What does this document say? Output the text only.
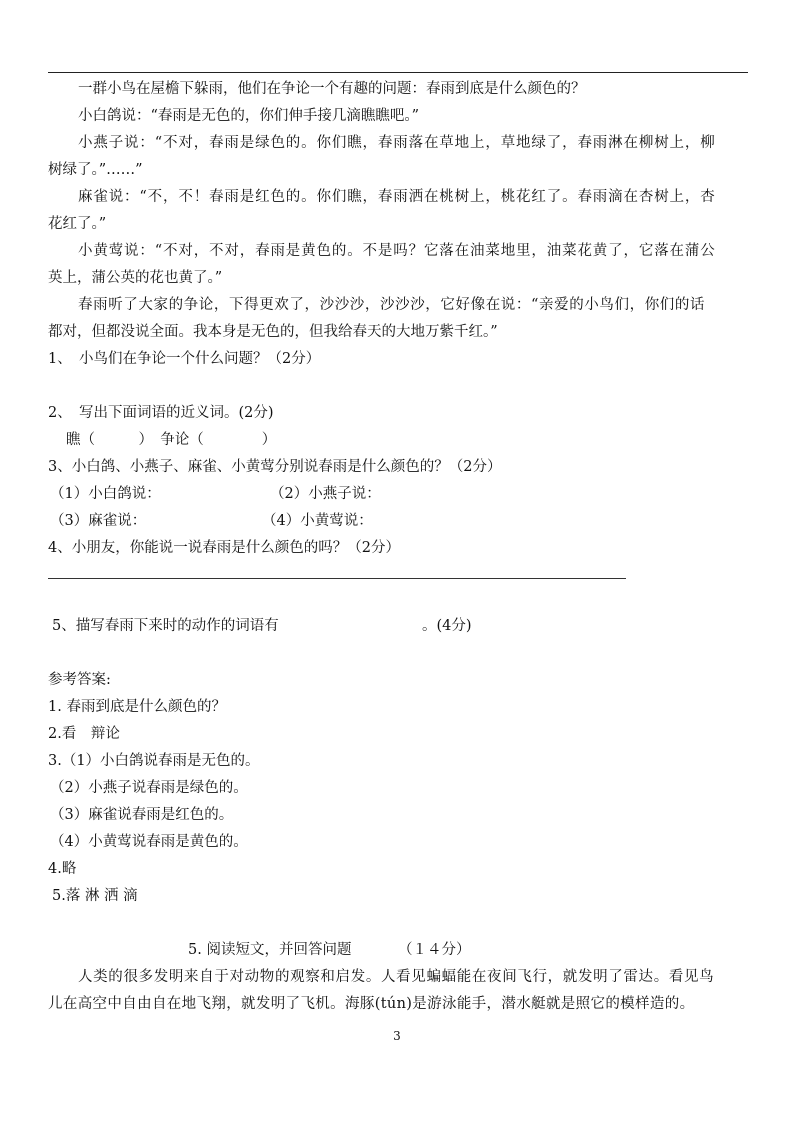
一群小鸟在屋檐下躲雨，他们在争论一个有趣的问题：春雨到底是什么颜色的？
小白鸽说：“春雨是无色的，你们伸手接几滴瞧瞧吧。”
小燕子说：“不对，春雨是绿色的。你们瞧，春雨落在草地上，草地绿了，春雨淋在柳树上，柳
树绿了。”……”
麻雀说：“不，不！春雨是红色的。你们瞧，春雨洒在桃树上，桃花红了。春雨滴在杏树上，杏
花红了。”
小黄莺说：“不对，不对，春雨是黄色的。不是吗？它落在油菜地里，油菜花黄了，它落在蒲公
英上，蒲公英的花也黄了。”
春雨听了大家的争论，下得更欢了，沙沙沙，沙沙沙，它好像在说：“亲爱的小鸟们，你们的话
都对，但都没说全面。我本身是无色的，但我给春天的大地万紫千红。”
1、　小鸟们在争论一个什么问题？（2分）
2、　写出下面词语的近义词。(2分)
瞧（　　　）　争论（　　　　）
3、小白鸽、小燕子、麻雀、小黄莺分别说春雨是什么颜色的？（2分）
（1）小白鸽说：	（2）小燕子说：
（3）麻雀说：	（4）小黄莺说：
4、小朋友，你能说一说春雨是什么颜色的吗？（2分）
5、描写春雨下来时的动作的词语有	。(4分)
参考答案:
1. 春雨到底是什么颜色的？
2.看　辩论
3.（1）小白鸽说春雨是无色的。
（2）小燕子说春雨是绿色的。
（3）麻雀说春雨是红色的。
（4）小黄莺说春雨是黄色的。
4.略
5.落 淋 洒 滴
5. 阅读短文，并回答问题	（１４分）
人类的很多发明来自于对动物的观察和启发。人看见蝙蝠能在夜间飞行，就发明了雷达。看见鸟
儿在高空中自由自在地飞翔，就发明了飞机。海豚(tún)是游泳能手，潜水艇就是照它的模样造的。
3
